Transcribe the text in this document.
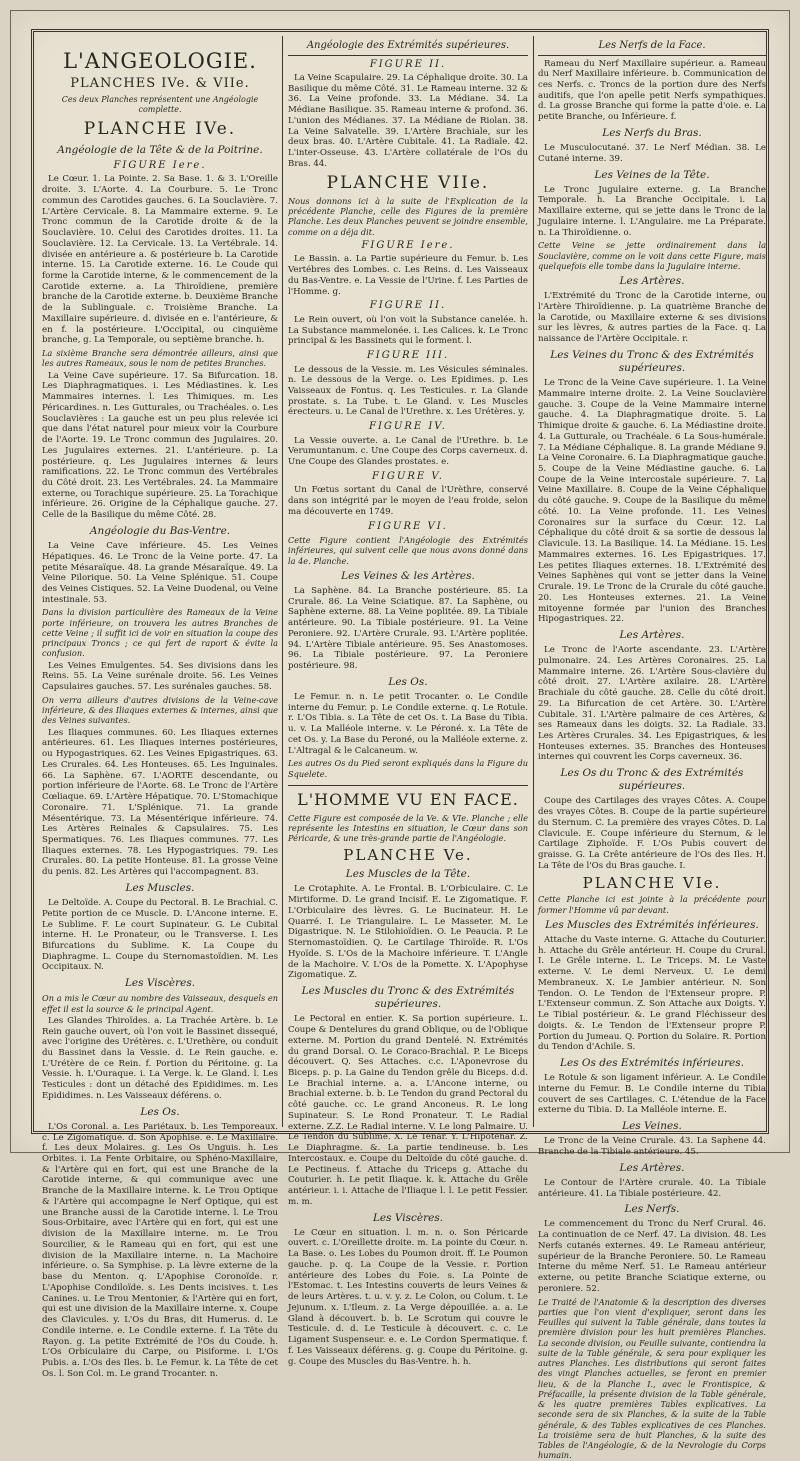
L'ANGEOLOGIE.
PLANCHES IVe. & VIIe.
Ces deux Planches représentent une Angéologie complette.
PLANCHE IVe.
Angéologie de la Tête & de la Poitrine.
FIGURE Iere.

Le Cœur. 1. La Pointe. 2. Sa Base. 1. & 3. L'Oreille droite. 3. L'Aorte. 4. La Courbure. 5. Le Tronc commun des Carotides gauches. 6. La Souclavière. 7. L'Artère Cervicale. 8. La Mammaire externe. 9. Le Tronc commun de la Carotide droite & de la Souclavière. 10. Celui des Carotides droites. 11. La Souclavière. 12. La Cervicale. 13. La Vertébrale. 14. divisée en antérieure a. & postérieure b. La Carotide interne. 15. La Carotide externe. 16. Le Coude qui forme la Carotide interne, & le commencement de la Carotide externe. a. La Thiroïdiene, première branche de la Carotide externe. b. Deuxième Branche de la Sublinguale. c. Troisième Branche. La Maxillaire supérieure. d. divisée en e. l'antérieure, & en f. la postérieure. L'Occipital, ou cinquième branche, g. La Temporale, ou septième branche. h.

La sixième Branche sera démontrée ailleurs, ainsi que les autres Rameaux, sous le nom de petites Branches.

La Veine Cave supérieure. 17. Sa Bifurcation. 18. Les Diaphragmatiques. i. Les Médiastines. k. Les Mammaires internes. l. Les Thimiques. m. Les Péricardines. n. Les Gutturales, ou Trachéales. o. Les Souclavières : La gauche est un peu plus relevée ici que dans l'état naturel pour mieux voir la Courbure de l'Aorte. 19. Le Tronc commun des Jugulaires. 20. Les Jugulaires externes. 21. L'antérieure. p. La postérieure. q. Les Jugulaires internes & leurs ramifications. 22. Le Tronc commun des Vertébrales du Côté droit. 23. Les Vertébrales. 24. La Mammaire externe, ou Torachique supérieure. 25. La Torachique inférieure. 26. Origine de la Céphalique gauche. 27. Celle de la Basilique du même Côté. 28.

Angéologie du Bas-Ventre.

La Veine Cave inférieure. 45. Les Veines Hépatiques. 46. Le Tronc de la Veine porte. 47. La petite Mésaraïque. 48. La grande Mésaraïque. 49. La Veine Pilorique. 50. La Veine Splénique. 51. Coupe des Veines Cistiques. 52. La Veine Duodenal, ou Veine intestinale. 53.

Dans la division particulière des Rameaux de la Veine porte inférieure, on trouvera les autres Branches de cette Veine ; il suffit ici de voir en situation la coupe des principaux Troncs ; ce qui fert de raport & évite la confusion.

Les Veines Emulgentes. 54. Ses divisions dans les Reins. 55. La Veine surénale droite. 56. Les Veines Capsulaires gauches. 57. Les surénales gauches. 58.

On verra ailleurs d'autres divisions de la Veine-cave inférieure, & des Iliaques externes & internes, ainsi que des Veines suivantes.

Les Iliaques communes. 60. Les Iliaques externes antérieures. 61. Les Iliaques internes postérieures, ou Hypogastriques. 62. Les Veines Epigastriques. 63. Les Crurales. 64. Les Honteuses. 65. Les Inguinales. 66. La Saphène. 67. L'AORTE descendante, ou portion inférieure de l'Aorte. 68. Le Tronc de l'Artère Cœliaque. 69. L'Artère Hépatique. 70. L'Stomachique Coronaire. 71. L'Splénique. 71. La grande Mésentérique. 73. La Mésentérique inférieure. 74. Les Artères Reinales & Capsulaires. 75. Les Spermatiques. 76. Les Iliaques communes. 77. Les Iliaques externes. 78. Les Hypogastriques. 79. Les Crurales. 80. La petite Honteuse. 81. La grosse Veine du penis. 82. Les Artères qui l'accompagnent. 83.

Les Muscles.

Le Deltoïde. A. Coupe du Pectoral. B. Le Brachial. C. Petite portion de ce Muscle. D. L'Ancone interne. E. Le Sublime. F. Le court Supinateur. G. Le Cubital interne. H. Le Pronateur, ou le Transverse. I. Les Bifurcations du Sublime. K. La Coupe du Diaphragme. L. Coupe du Sternomastoïdien. M. Les Occipitaux. N.

Les Viscères.
On a mis le Cœur au nombre des Vaisseaux, desquels en effet il est la source & le principal Agent.

Les Glandes Thiroïdes. a. La Trachée Artère. b. Le Rein gauche ouvert, où l'on voit le Bassinet dissequé, avec l'origine des Urétères. c. L'Urethère, ou conduit du Bassinet dans la Vessie. d. Le Rein gauche. e. L'Urétère de ce Rein. f. Portion du Péritoine. g. La Vessie. h. L'Ouraque. i. La Verge. k. Le Gland. l. Les Testicules : dont un détaché des Epididimes. m. Les Epididimes. n. Les Vaisseaux déférens. o.

Les Os.

L'Os Coronal. a. Les Pariétaux. b. Les Temporeaux. c. Le Zigomatique. d. Son Apophise. e. Le Maxillaire. f. Les deux Molaires. g. Les Os Unguis. h. Les Orbites. i. La Fente Orbitaire, ou Sphéno-Maxillaire, & l'Artère qui en fort, qui est une Branche de la Carotide interne, & qui communique avec une Branche de la Maxillaire interne. k. Le Trou Optique & l'Artère qui accompagne le Nerf Optique, qui est une Branche aussi de la Carotide interne. l. Le Trou Sous-Orbitaire, avec l'Artère qui en fort, qui est une division de la Maxillaire interne. m. Le Trou Sourcilier, & le Rameau qui en fort, qui est une division de la Maxillaire interne. n. La Machoire inférieure. o. Sa Symphise. p. La lèvre externe de la base du Menton. q. L'Apophise Coronoïde. r. L'Apophise Condiloïde. s. Les Dents incisives. t. Les Canines. u. Le Trou Mentonier, & l'Artère qui en fort, qui est une division de la Maxillaire interne. x. Coupe des Clavicules. y. L'Os du Bras, dit Humerus. d. Le Condile interne. e. Le Condile externe. f. La Tête du Rayon. g. La petite Extrémité de l'Os du Coude. h. L'Os Orbiculaire du Carpe, ou Pisiforme. i. L'Os Pubis. a. L'Os des Iles. b. Le Femur. k. La Tête de cet Os. l. Son Col. m. Le grand Trocanter. n.

Angéologie des Extrémités supérieures.
FIGURE II.

La Veine Scapulaire. 29. La Céphalique droite. 30. La Basilique du même Côté. 31. Le Rameau interne. 32 & 36. La Veine profonde. 33. La Médiane. 34. La Médiane Basilique. 35. Rameau interne & profond. 36. L'union des Médianes. 37. La Médiane de Riolan. 38. La Veine Salvatelle. 39. L'Artère Brachiale, sur les deux bras. 40. L'Artère Cubitale. 41. La Radiale. 42. L'inter-Osseuse. 43. L'Artère collatérale de l'Os du Bras. 44.

PLANCHE VIIe.
Nous donnons ici à la suite de l'Explication de la précédente Planche, celle des Figures de la première Planche. Les deux Planches peuvent se joindre ensemble, comme on a déja dit.
FIGURE Iere.

Le Bassin. a. La Partie supérieure du Femur. b. Les Vertébres des Lombes. c. Les Reins. d. Les Vaisseaux du Bas-Ventre. e. La Vessie de l'Urine. f. Les Parties de l'Homme. g.

FIGURE II.

Le Rein ouvert, où l'on voit la Substance canelée. h. La Substance mammelonée. i. Les Calices. k. Le Tronc principal & les Bassinets qui le forment. l.

FIGURE III.

Le dessous de la Vessie. m. Les Vésicules séminales. n. Le dessous de la Verge. o. Les Epidimes. p. Les Vaisseaux de Fontus. q. Les Testicules. r. La Glande prostate. s. La Tube. t. Le Gland. v. Les Muscles érecteurs. u. Le Canal de l'Urethre. x. Les Urétères. y.

FIGURE IV.

La Vessie ouverte. a. Le Canal de l'Urethre. b. Le Verumuntanum. c. Une Coupe des Corps caverneux. d. Une Coupe des Glandes prostates. e.

FIGURE V.

Un Fœtus sortant du Canal de l'Urèthre, conservé dans son intégrité par le moyen de l'eau froide, selon ma découverte en 1749.

FIGURE VI.
Cette Figure contient l'Angéologie des Extrémités inférieures, qui suivent celle que nous avons donné dans la 4e. Planche.
Les Veines & les Artères.

La Saphène. 84. La Branche postérieure. 85. La Crurale. 86. La Veine Sciatique. 87. La Saphène, ou Saphène externe. 88. La Veine poplitée. 89. La Tibiale antérieure. 90. La Tibiale postérieure. 91. La Veine Peroniere. 92. L'Artère Crurale. 93. L'Artère poplitée. 94. L'Artère Tibiale antérieure. 95. Ses Anastomoses. 96. La Tibiale postérieure. 97. La Peroniere postérieure. 98.

Les Os.

Le Femur. n. n. Le petit Trocanter. o. Le Condile interne du Femur. p. Le Condile externe. q. Le Rotule. r. L'Os Tibia. s. La Tête de cet Os. t. La Base du Tibia. u. v. La Malléole interne. v. Le Péroné. x. La Tête de cet Os. y. La Base du Peroné, ou la Malléole externe. z. L'Altragal & le Calcaneum. w.

Les autres Os du Pied seront expliqués dans la Figure du Squelete.
L'HOMME VU EN FACE.
Cette Figure est composée de la Ve. & VIe. Planche ; elle représente les Intestins en situation, le Cœur dans son Péricarde, & une très-grande partie de l'Angéologie.
PLANCHE Ve.
Les Muscles de la Tête.

Le Crotaphite. A. Le Frontal. B. L'Orbiculaire. C. Le Mirtiforme. D. Le grand Incisif. E. Le Zigomatique. F. L'Orbiculaire des lèvres. G. Le Bucinateur. H. Le Quarré. I. Le Triangulaire. L. Le Masseter. M. Le Digastrique. N. Le Stilohioïdien. O. Le Peaucia. P. Le Sternomastoïdien. Q. Le Cartilage Thiroïde. R. L'Os Hyoïde. S. L'Os de la Machoire inférieure. T. L'Angle de la Machoire. V. L'Os de la Pomette. X. L'Apophyse Zigomatique. Z.

Les Muscles du Tronc & des Extrémités supérieures.

Le Pectoral en entier. K. Sa portion supérieure. L. Coupe & Dentelures du grand Oblique, ou de l'Oblique externe. M. Portion du grand Dentelé. N. Extrémités du grand Dorsal. O. Le Coraco-Brachial. P. Le Biceps découvert. Q. Ses Attaches. c.c. L'Aponevrose du Biceps. p. p. La Gaine du Tendon grêle du Biceps. d.d. Le Brachial interne. a. a. L'Ancone interne, ou Brachial externe. b. b. Le Tendon du grand Pectoral du côté gauche. cc. Le grand Anconeus. R. Le long Supinateur. S. Le Rond Pronateur. T. Le Radial externe. Z.Z. Le Radial interne. V. Le long Palmaire. U. Le Tendon du Sublime. X. Le Tenar. Y. L'Hipotenar. Z. Le Diaphragme. &. La partie tendineuse. b. Les Intercostaux. e. Coupe du Deltoïde du côté gauche. d. Le Pectineus. f. Attache du Triceps g. Attache du Couturier. h. Le petit Iliaque. k. k. Attache du Grêle antérieur. i. i. Attache de l'Iliaque l. l. Le petit Fessier. m. m.

Les Viscères.

Le Cœur en situation. l. m. n. o. Son Péricarde ouvert. c. L'Oreillette droite. m. La pointe du Cœur. n. La Base. o. Les Lobes du Poumon droit. ff. Le Poumon gauche. p. q. La Coupe de la Vessie. r. Portion antérieure des Lobes du Foie. s. La Pointe de l'Estomac. t. Les Intestins couverts de leurs Veines & de leurs Artères. t. u. v. y. z. Le Colon, ou Colum. t. Le Jejunum. x. L'Ileum. z. La Verge dépouillée. a. a. Le Gland à découvert. b. b. Le Scrotum qui couvre le Testicule. d. d. Le Testicule à découvert. c. c. Le Ligament Suspenseur. e. e. Le Cordon Spermatique. f. f. Les Vaisseaux déférens. g. g. Coupe du Péritoine. g. g. Coupe des Muscles du Bas-Ventre. h. h.

Les Nerfs de la Face.

Rameau du Nerf Maxillaire supérieur. a. Rameau du Nerf Maxillaire inférieure. b. Communication de ces Nerfs. c. Troncs de la portion dure des Nerfs auditifs, que l'on apelle petit Nerfs sympathiques. d. La grosse Branche qui forme la patte d'oie. e. La petite Branche, ou Inférieure. f.

Les Nerfs du Bras.

Le Musculocutané. 37. Le Nerf Médian. 38. Le Cutané interne. 39.

Les Veines de la Tête.

Le Tronc Jugulaire externe. g. La Branche Temporale. h. La Branche Occipitale. i. La Maxillaire externe, qui se jette dans le Tronc de la Jugulaire interne. l. L'Angulaire. me La Préparate. n. La Thiroïdienne. o.

Cette Veine se jette ordinairement dans la Souclavière, comme on le voit dans cette Figure, mais quelquefois elle tombe dans la Jugulaire interne.
Les Artères.

L'Extrémité du Tronc de la Carotide interne, ou l'Artère Thiroïdienne. p. La quatrième Branche de la Carotide, ou Maxillaire externe & ses divisions sur les lèvres, & autres parties de la Face. q. La naissance de l'Artère Occipitale. r.

Les Veines du Tronc & des Extrémités supérieures.

Le Tronc de la Veine Cave supérieure. 1. La Veine Mammaire interne droite. 2. La Veine Souclavière gauche. 3. Coupe de la Veine Mammaire interne gauche. 4. La Diaphragmatique droite. 5. La Thimique droite & gauche. 6. La Médiastine droite. 4. La Gutturale, ou Trachéale. 6 La Sous-humérale. 7. La Médiane Céphalique. 8. La grande Médiane 9. La Veine Coronaire. 6. La Diaphragmatique gauche. 5. Coupe de la Veine Médiastine gauche. 6. La Coupe de la Veine intercostale supérieure. 7. La Veine Maxillaire. 8. Coupe de la Veine Céphalique du côté gauche. 9. Coupe de la Basilique du même côté. 10. La Veine profonde. 11. Les Veines Coronaires sur la surface du Cœur. 12. La Céphalique du côté droit & sa sortie de dessous la Clavicule. 13. La Basilique. 14. La Médiane. 15. Les Mammaires externes. 16. Les Epigastriques. 17. Les petites Iliaques externes. 18. L'Extrémité des Veines Saphènes qui vont se jetter dans la Veine Crurale. 19. Le Tronc de la Crurale du côté gauche. 20. Les Honteuses externes. 21. La Veine mitoyenne formée par l'union des Branches Hipogastriques. 22.

Les Artères.

Le Tronc de l'Aorte ascendante. 23. L'Artère pulmonaire. 24. Les Artères Coronaires. 25. La Mammaire interne. 26. L'Artère Sous-clavière du côté droit. 27. L'Artère axilaire. 28. L'Artère Brachiale du côté gauche. 28. Celle du côté droit. 29. La Bifurcation de cet Artère. 30. L'Artère Cubitale. 31. L'Artère palmaire de ces Artères, & ses Rameaux dans les doigts. 32. La Radiale. 33. Les Artères Crurales. 34. Les Epigastriques, & les Honteuses externes. 35. Branches des Honteuses internes qui couvrent les Corps caverneux. 36.

Les Os du Tronc & des Extrémités supérieures.

Coupe des Cartilages des vrayes Côtes. A. Coupe des vrayes Côtes. B. Coupe de la partie supérieure du Sternum. C. La première des vrayes Côtes. D. La Clavicule. E. Coupe inférieure du Sternum, & le Cartilage Ziphoïde. F. L'Os Pubis couvert de graisse. G. La Crête antérieure de l'Os des Iles. H. La Tête de l'Os du Bras gauche. I.

PLANCHE VIe.
Cette Planche ici est jointe à la précédente pour former l'Homme vû par devant.
Les Muscles des Extrémités inférieures.

Attache du Vaste interne. G. Attache du Couturier. h. Attache du Grêle antérieur. H. Coupe du Crural. I. Le Grêle interne. L. Le Triceps. M. Le Vaste externe. V. Le demi Nerveux. U. Le demi Membraneux. X. Le Jambier antérieur. N. Son Tendon. O. Le Tendon de l'Extenseur propre. P. L'Extenseur commun. Z. Son Attache aux Doigts. Y. Le Tibial postérieur. &. Le grand Fléchisseur des doigts. &. Le Tendon de l'Extenseur propre P. Portion du Jumeau. Q. Portion du Solaire. R. Portion du Tendon d'Achile. S.

Les Os des Extrémités inférieures.

Le Rotule & son ligament inférieur. A. Le Condile interne du Femur. B. Le Condile interne du Tibia couvert de ses Cartilages. C. L'étendue de la Face externe du Tibia. D. La Malléole interne. E.

Les Veines.

Le Tronc de la Veine Crurale. 43. La Saphene 44. Branche de la Tibiale antérieure. 45.

Les Artères.

Le Contour de l'Artère crurale. 40. La Tibiale antérieure. 41. La Tibiale postérieure. 42.

Les Nerfs.

Le commencement du Tronc du Nerf Crural. 46. La continuation de ce Nerf. 47. La division. 48. Les Nerfs cutanés externes. 49. Le Rameau antérieur, supérieur de la Branche Peroniere. 50. Le Rameau Interne du même Nerf. 51. Le Rameau antérieur externe, ou petite Branche Sciatique externe, ou peroniere. 52.

Le Traité de l'Anatomie & la description des diverses parties que l'on vient d'expliquer, seront dans les Feuilles qui suivent la Table générale, dans toutes la première division pour les huit premières Planches. La seconde division, ou Feuille suivante, contiendra la suite de la Table générale, & sera pour expliquer les autres Planches. Les distributions qui seront faites des vingt Planches actuelles, se feront en premier lieu, & de la Planche I., avec le Frontispice, & Préfacaille, la présente division de la Table générale, & les quatre premières Tables explicatives. La seconde sera de six Planches, & la suite de la Table générale, & des Tables explicatives de ces Planches. La troisième sera de huit Planches, & la suite des Tables de l'Angéologie, & de la Nevrologie du Corps humain.
